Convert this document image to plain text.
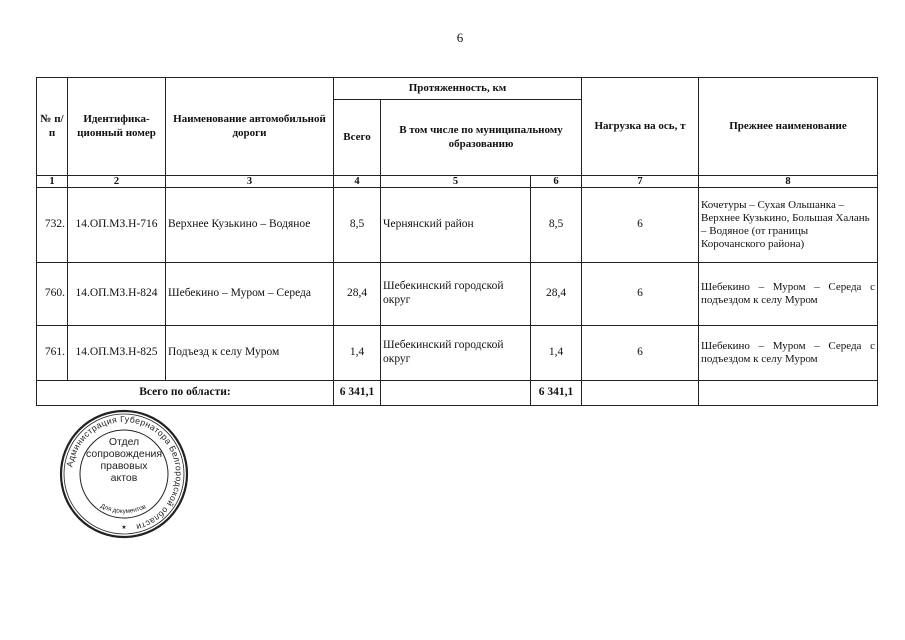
6
№ п/п	Идентифика-ционный номер	Наименование автомобильной дороги	Протяженность, км			Нагрузка на ось, т	Прежнее наименование
			Всего	В том числе по муниципальному образованию			
1	2	3	4	5	6	7	8
732.	14.ОП.МЗ.Н-716	Верхнее Кузькино – Водяное	8,5	Чернянский район	8,5	6	Кочетуры – Сухая Ольшанка – Верхнее Кузькино, Большая Халань – Водяное (от границы Корочанского района)
760.	14.ОП.МЗ.Н-824	Шебекино – Муром – Середа	28,4	Шебекинский городской округ	28,4	6	Шебекино – Муром – Середа с подъездом к селу Муром
761.	14.ОП.МЗ.Н-825	Подъезд к селу Муром	1,4	Шебекинский городской округ	1,4	6	Шебекино – Муром – Середа с подъездом к селу Муром
Всего по области:			6 341,1		6 341,1		
Администрация Губернатора Белгородской области
Для документов
★
Отдел
сопровождения
правовых
актов
